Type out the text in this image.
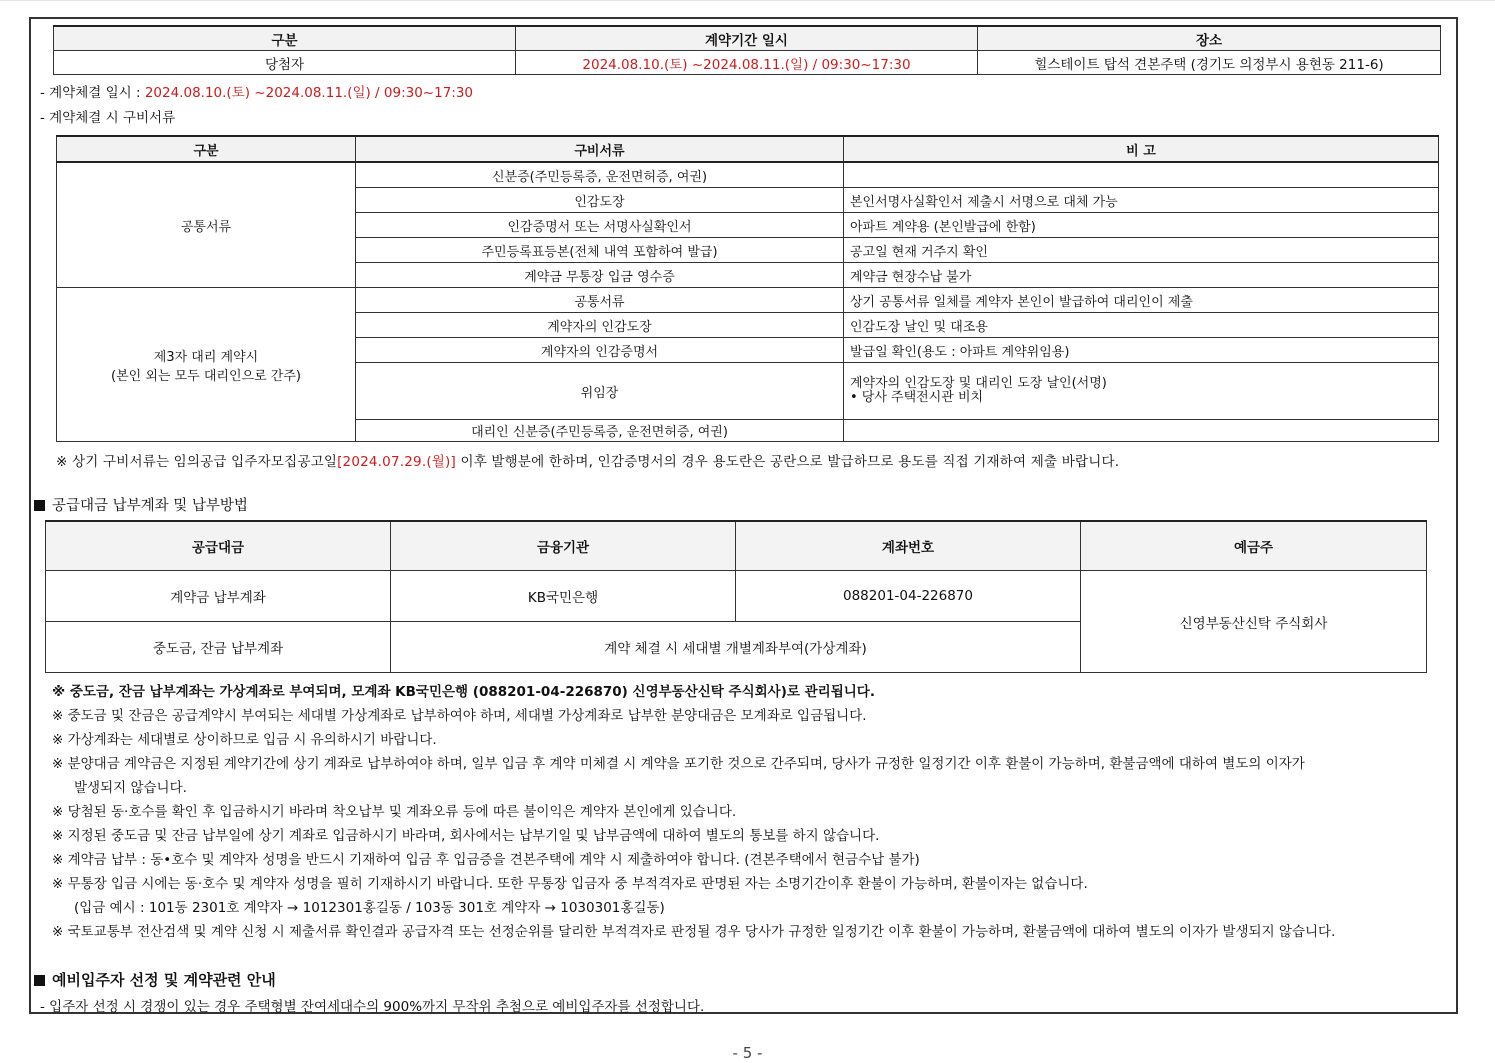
구분	계약기간 일시	장소
당첨자	2024.08.10.(토) ~2024.08.11.(일) / 09:30~17:30	힐스테이트 탑석 견본주택 (경기도 의정부시 용현동 211-6)
- 계약체결 일시 : 2024.08.10.(토) ~2024.08.11.(일) / 09:30~17:30
- 계약체결 시 구비서류
구분	구비서류	비 고
공통서류	신분증(주민등록증, 운전면허증, 여권)	
	인감도장	본인서명사실확인서 제출시 서명으로 대체 가능
	인감증명서 또는 서명사실확인서	아파트 계약용 (본인발급에 한함)
	주민등록표등본(전체 내역 포함하여 발급)	공고일 현재 거주지 확인
	계약금 무통장 입금 영수증	계약금 현장수납 불가

제3자 대리 계약시
(본인 외는 모두 대리인으로 간주)	공통서류	상기 공통서류 일체를 계약자 본인이 발급하여 대리인이 제출
	계약자의 인감도장	인감도장 날인 및 대조용
	계약자의 인감증명서	발급일 확인(용도 : 아파트 계약위임용)
	위임장	계약자의 인감도장 및 대리인 도장 날인(서명)
• 당사 주택전시관 비치

	대리인 신분증(주민등록증, 운전면허증, 여권)	
※ 상기 구비서류는 임의공급 입주자모집공고일[2024.07.29.(월)] 이후 발행분에 한하며, 인감증명서의 경우 용도란은 공란으로 발급하므로 용도를 직접 기재하여 제출 바랍니다.
공급대금 납부계좌 및 납부방법
공급대금	금융기관	계좌번호	예금주
계약금 납부계좌	KB국민은행	088201-04-226870	신영부동산신탁 주식회사
중도금, 잔금 납부계좌	계약 체결 시 세대별 개별계좌부여(가상계좌)		
※ 중도금, 잔금 납부계좌는 가상계좌로 부여되며, 모계좌 KB국민은행 (088201-04-226870) 신영부동산신탁 주식회사)로 관리됩니다.
※ 중도금 및 잔금은 공급계약시 부여되는 세대별 가상계좌로 납부하여야 하며, 세대별 가상계좌로 납부한 분양대금은 모계좌로 입금됩니다.
※ 가상계좌는 세대별로 상이하므로 입금 시 유의하시기 바랍니다.
※ 분양대금 계약금은 지정된 계약기간에 상기 계좌로 납부하여야 하며, 일부 입금 후 계약 미체결 시 계약을 포기한 것으로 간주되며, 당사가 규정한 일정기간 이후 환불이 가능하며, 환불금액에 대하여 별도의 이자가
발생되지 않습니다.
※ 당첨된 동·호수를 확인 후 입금하시기 바라며 착오납부 및 계좌오류 등에 따른 불이익은 계약자 본인에게 있습니다.
※ 지정된 중도금 및 잔금 납부일에 상기 계좌로 입금하시기 바라며, 회사에서는 납부기일 및 납부금액에 대하여 별도의 통보를 하지 않습니다.
※ 계약금 납부 : 동•호수 및 계약자 성명을 반드시 기재하여 입금 후 입금증을 견본주택에 계약 시 제출하여야 합니다. (견본주택에서 현금수납 불가)
※ 무통장 입금 시에는 동·호수 및 계약자 성명을 필히 기재하시기 바랍니다. 또한 무통장 입금자 중 부적격자로 판명된 자는 소명기간이후 환불이 가능하며, 환불이자는 없습니다.
(입금 예시 : 101동 2301호 계약자 → 1012301홍길동 / 103동 301호 계약자 → 1030301홍길동)
※ 국토교통부 전산검색 및 계약 신청 시 제출서류 확인결과 공급자격 또는 선정순위를 달리한 부적격자로 판정될 경우 당사가 규정한 일정기간 이후 환불이 가능하며, 환불금액에 대하여 별도의 이자가 발생되지 않습니다.
예비입주자 선정 및 계약관련 안내
- 입주자 선정 시 경쟁이 있는 경우 주택형별 잔여세대수의 900%까지 무작위 추첨으로 예비입주자를 선정합니다.
- 5 -
